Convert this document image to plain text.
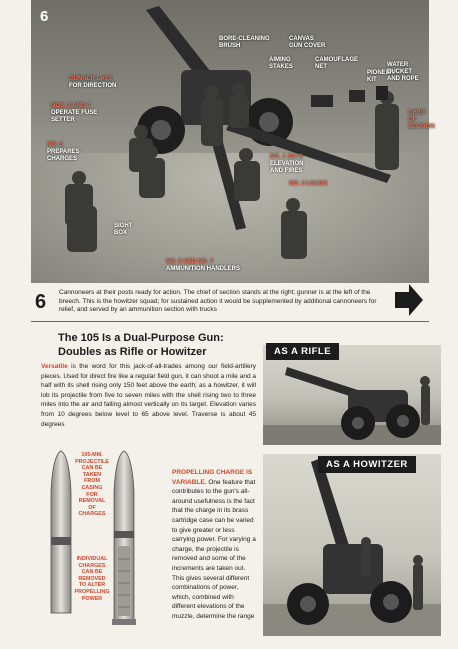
GUNNER LAYS
FOR DIRECTION
NOS. 3 AND 4
OPERATE FUSE
SETTER
NO. 5
PREPARES
CHARGES
BORE-CLEANING
BRUSH
AIMING
STAKES
CANVAS
GUN COVER
CAMOUFLAGE
NET
PIONEER
KIT
WATER BUCKET
AND ROPE
CHIEF OF
SECTION
NO. 1 SETS
ELEVATION
AND FIRES
NO. 2 LOADS
SIGHT
BOX
NO. 6 AND NO. 7
AMMUNITION HANDLERS
6
6 Cannoneers at their posts ready for action. The chief of section stands at the right; gunner is at the left of the breech. This is the howitzer squad; for sustained action it would be supplemented by additional cannoneers for relief, and served by an ammunition section with trucks
The 105 Is a Dual-Purpose Gun:
Doubles as Rifle or Howitzer
Versatile is the word for this jack-of-all-trades among our field-artillery pieces. Used for direct fire like a regular field gun, it can shoot a mile and a half with its shell rising only 150 feet above the earth; as a howitzer, it will lob its projectile from five to seven miles with the shell rising two to three miles into the air and falling almost vertically on its target. Elevation varies from 10 degrees below level to 65 above level. Traverse is about 45 degrees
105-MM.
PROJECTILE
CAN BE
TAKEN
FROM
CASING
FOR
REMOVAL
OF
CHARGES
INDIVIDUAL
CHARGES
CAN BE
REMOVED
TO ALTER
PROPELLING
POWER
PROPELLING CHARGE IS VARIABLE. One feature that contributes to the gun's all-around usefulness is the fact that the charge in its brass cartridge case can be varied to give greater or less carrying power. For varying a charge, the projectile is removed and some of the increments are taken out. This gives several different combinations of power, which, combined with different elevations of the muzzle, determine the range
AS A RIFLE
AS A HOWITZER
